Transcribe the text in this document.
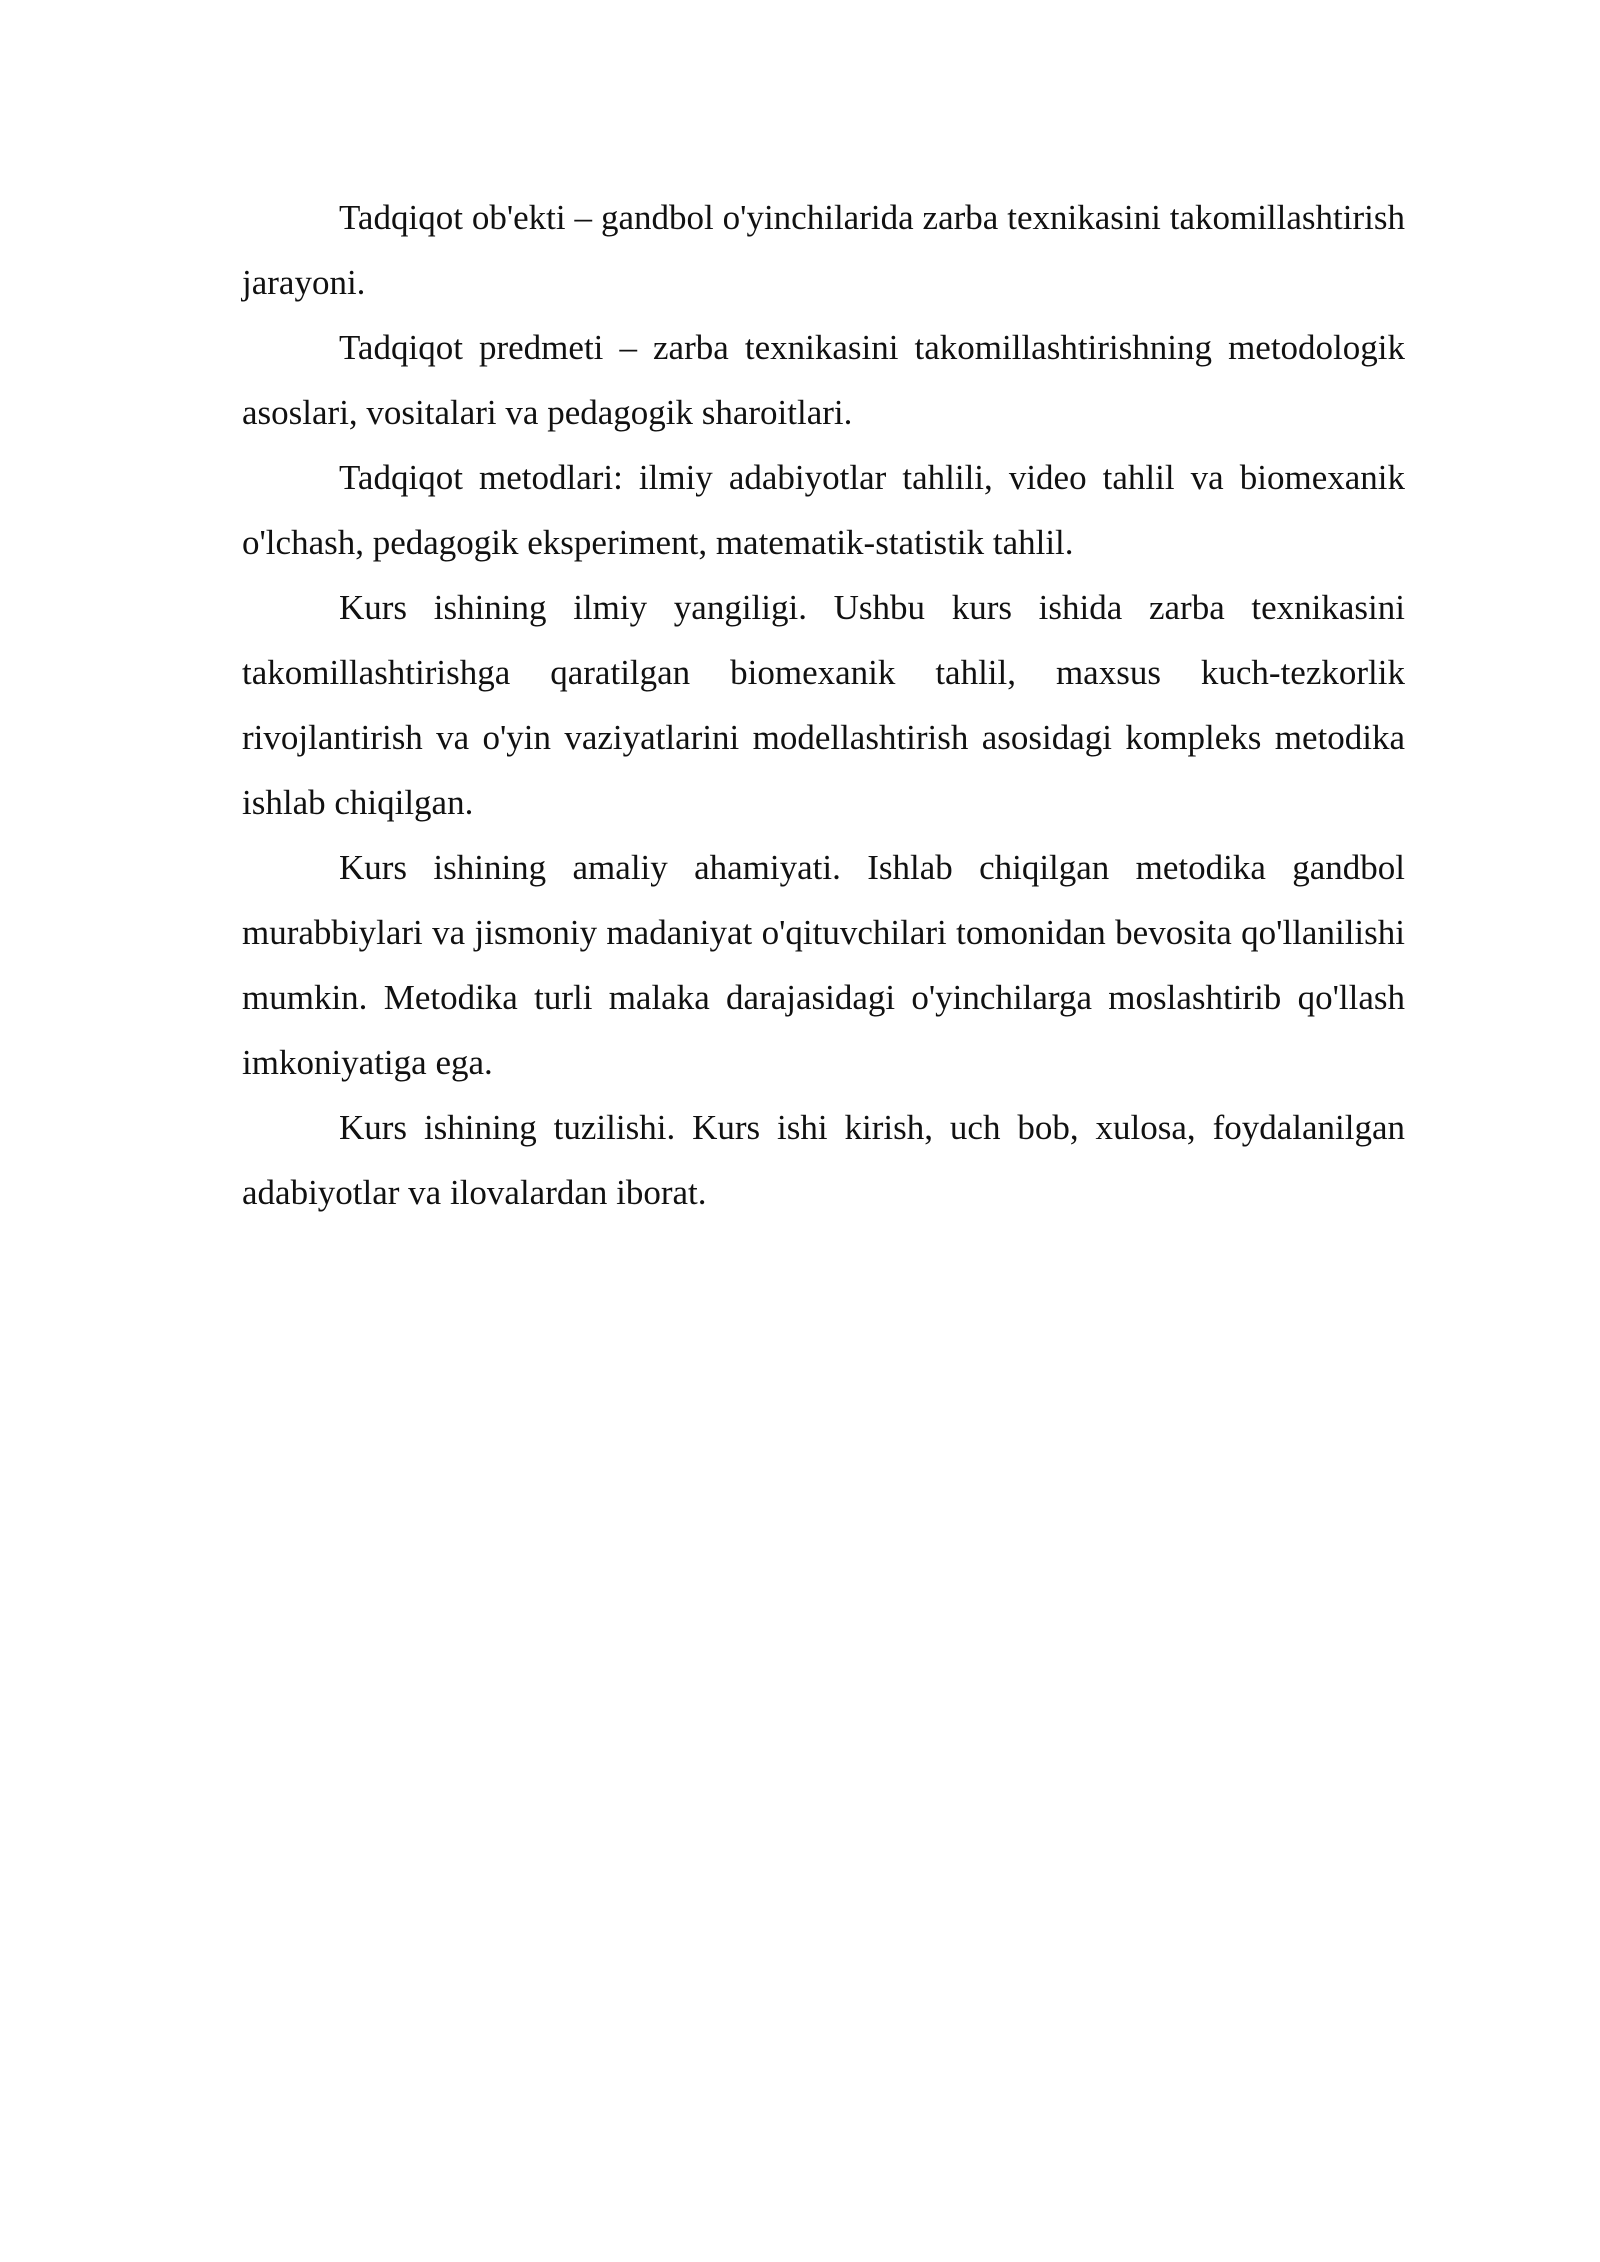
Tadqiqot ob'ekti – gandbol o'yinchilarida zarba texnikasini takomillashtirish jarayoni.

Tadqiqot predmeti – zarba texnikasini takomillashtirishning metodologik asoslari, vositalari va pedagogik sharoitlari.

Tadqiqot metodlari: ilmiy adabiyotlar tahlili, video tahlil va biomexanik o'lchash, pedagogik eksperiment, matematik-statistik tahlil.

Kurs ishining ilmiy yangiligi. Ushbu kurs ishida zarba texnikasini takomillashtirishga qaratilgan biomexanik tahlil, maxsus kuch-tezkorlik rivojlantirish va o'yin vaziyatlarini modellashtirish asosidagi kompleks metodika ishlab chiqilgan.

Kurs ishining amaliy ahamiyati. Ishlab chiqilgan metodika gandbol murabbiylari va jismoniy madaniyat o'qituvchilari tomonidan bevosita qo'llanilishi mumkin. Metodika turli malaka darajasidagi o'yinchilarga moslashtirib qo'llash imkoniyatiga ega.

Kurs ishining tuzilishi. Kurs ishi kirish, uch bob, xulosa, foydalanilgan adabiyotlar va ilovalardan iborat.
